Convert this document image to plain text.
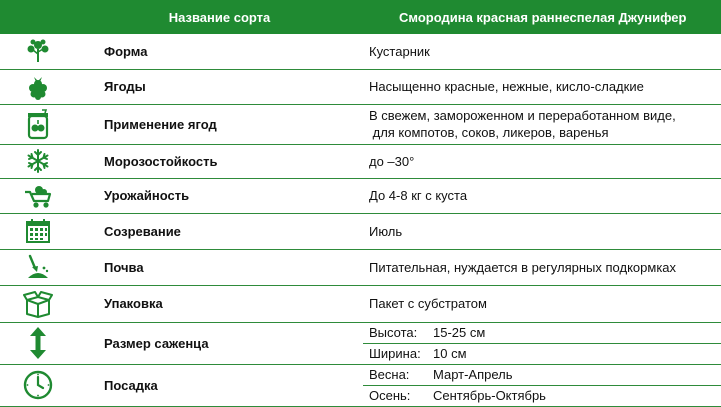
	Название сорта	Смородина красная раннеспелая Джунифер

	Форма	Кустарник

	Ягоды	Насыщенно красные, нежные, кисло-сладкие

	Применение ягод	В свежем, замороженном и переработанном виде,
для компотов, соков, ликеров, варенья

	Морозостойкость	до –30°

	Урожайность	До 4-8 кг с куста

	Созревание	Июль

	Почва	Питательная, нуждается в регулярных подкормках

	Упаковка	Пакет с субстратом

	Размер саженца	Высота: 15-25 см
Ширина: 10 см

	Посадка	Весна: Март-Апрель
Осень: Сентябрь-Октябрь
